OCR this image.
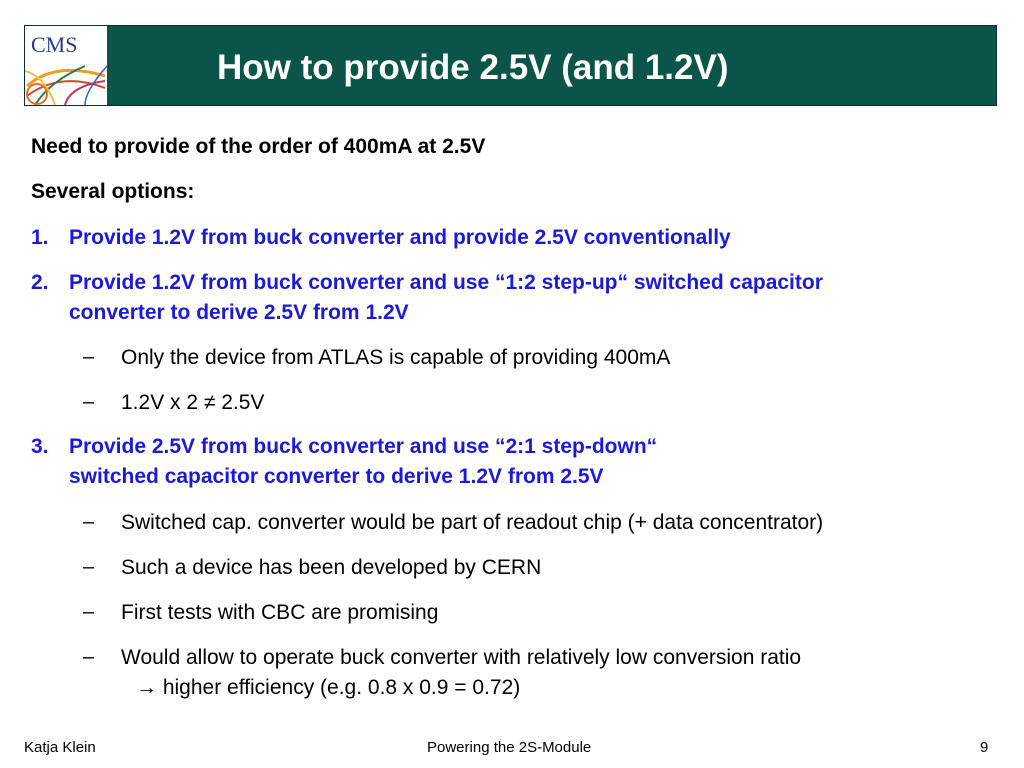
CMS
How to provide 2.5V (and 1.2V)
Need to provide of the order of 400mA at 2.5V
Several options:
1. Provide 1.2V from buck converter and provide 2.5V conventionally
2. Provide 1.2V from buck converter and use “1:2 step-up“ switched capacitor
converter to derive 2.5V from 1.2V
– Only the device from ATLAS is capable of providing 400mA
– 1.2V x 2 ≠ 2.5V
3. Provide 2.5V from buck converter and use “2:1 step-down“
switched capacitor converter to derive 1.2V from 2.5V
– Switched cap. converter would be part of readout chip (+ data concentrator)
– Such a device has been developed by CERN
– First tests with CBC are promising
– Would allow to operate buck converter with relatively low conversion ratio
→ higher efficiency (e.g. 0.8 x 0.9 = 0.72)
Katja Klein	Powering the 2S-Module	9
